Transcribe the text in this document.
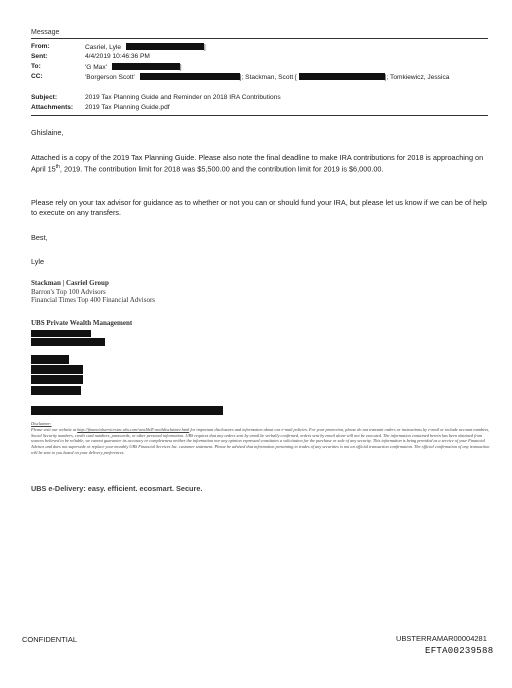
Message
From:	Casriel, Lyle	]
Sent:	4/4/2019 10:46:36 PM
To:	'G Max'	]
CC:	'Borgerson Scott'	]; Stackman, Scott [	]; Tomkiewicz, Jessica
Subject:	2019 Tax Planning Guide and Reminder on 2018 IRA Contributions
Attachments: 2019 Tax Planning Guide.pdf
Ghislaine,

Attached is a copy of the 2019 Tax Planning Guide. Please also note the final deadline to make IRA contributions for 2018 is approaching on April 15th, 2019. The contribution limit for 2018 was $5,500.00 and the contribution limit for 2019 is $6,000.00.

Please rely on your tax advisor for guidance as to whether or not you can or should fund your IRA, but please let us know if we can be of help to execute on any transfers.
Best,
Lyle
Stackman | Casriel Group
Barron's Top 100 Advisors
Financial Times Top 400 Financial Advisors
UBS Private Wealth Management
Disclaimer:
Please visit our website at http://financialservicesinc.ubs.com/wealth/E-maildisclaimer.html for important disclosures and information about our e-mail policies. For your protection, please do not transmit orders or instructions by e-mail or include account numbers, Social Security numbers, credit card numbers, passwords, or other personal information. UBS requires that any orders sent by email be verbally confirmed, orders sent by email alone will not be executed. The information contained herein has been obtained from sources believed to be reliable, we cannot guarantee its accuracy or completeness neither the information nor any opinion expressed constitutes a solicitation for the purchase or sale of any security. This information is being provided as a service of your Financial Advisor and does not supersede or replace your monthly UBS Financial Services Inc. customer statement. Please be advised that information pertaining to trades of any securities is not an official transaction confirmation. The official confirmation of any transaction will be sent to you based on your delivery preferences.
UBS e-Delivery: easy. efficient. ecosmart. Secure.
CONFIDENTIAL	UBSTERRAMAR00004281
EFTA00239588
